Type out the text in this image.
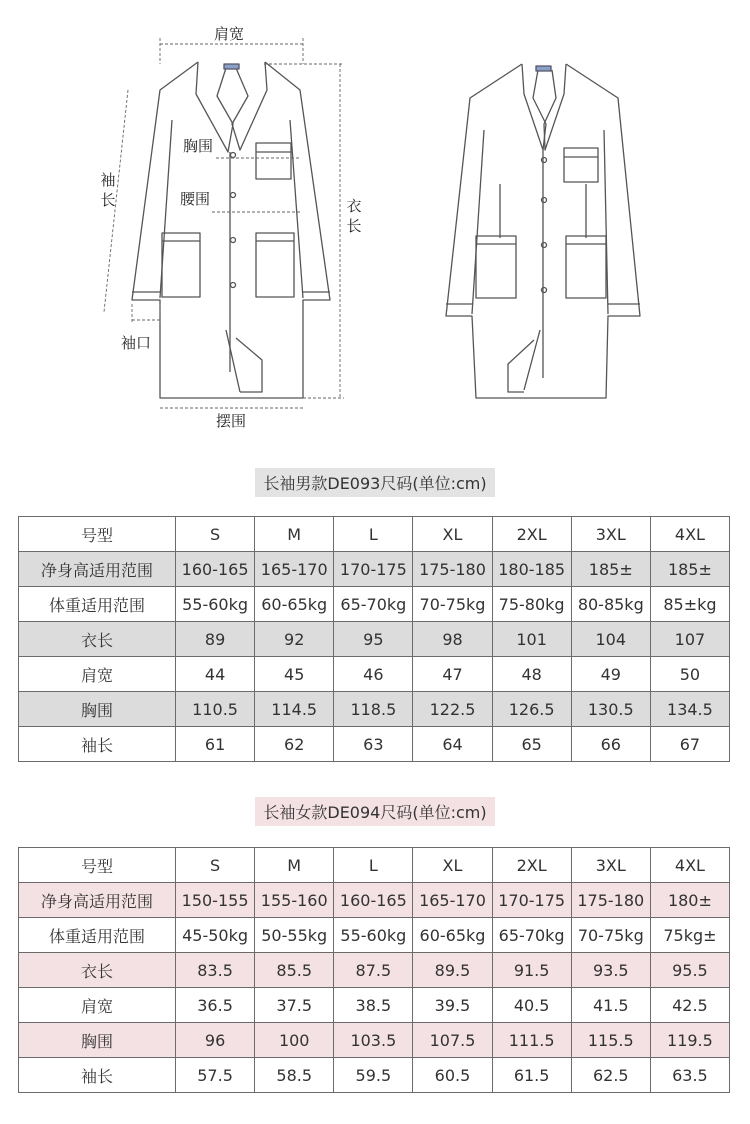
肩宽
胸围
腰围
袖长	衣长
袖口
摆围
长袖男款DE093尺码(单位:cm)
号型	S	M	L	XL	2XL	3XL	4XL
净身高适用范围	160-165	165-170	170-175	175-180	180-185	185±	185±
体重适用范围	55-60kg	60-65kg	65-70kg	70-75kg	75-80kg	80-85kg	85±kg
衣长	89	92	95	98	101	104	107
肩宽	44	45	46	47	48	49	50
胸围	110.5	114.5	118.5	122.5	126.5	130.5	134.5
袖长	61	62	63	64	65	66	67
长袖女款DE094尺码(单位:cm)
号型	S	M	L	XL	2XL	3XL	4XL
净身高适用范围	150-155	155-160	160-165	165-170	170-175	175-180	180±
体重适用范围	45-50kg	50-55kg	55-60kg	60-65kg	65-70kg	70-75kg	75kg±
衣长	83.5	85.5	87.5	89.5	91.5	93.5	95.5
肩宽	36.5	37.5	38.5	39.5	40.5	41.5	42.5
胸围	96	100	103.5	107.5	111.5	115.5	119.5
袖长	57.5	58.5	59.5	60.5	61.5	62.5	63.5
